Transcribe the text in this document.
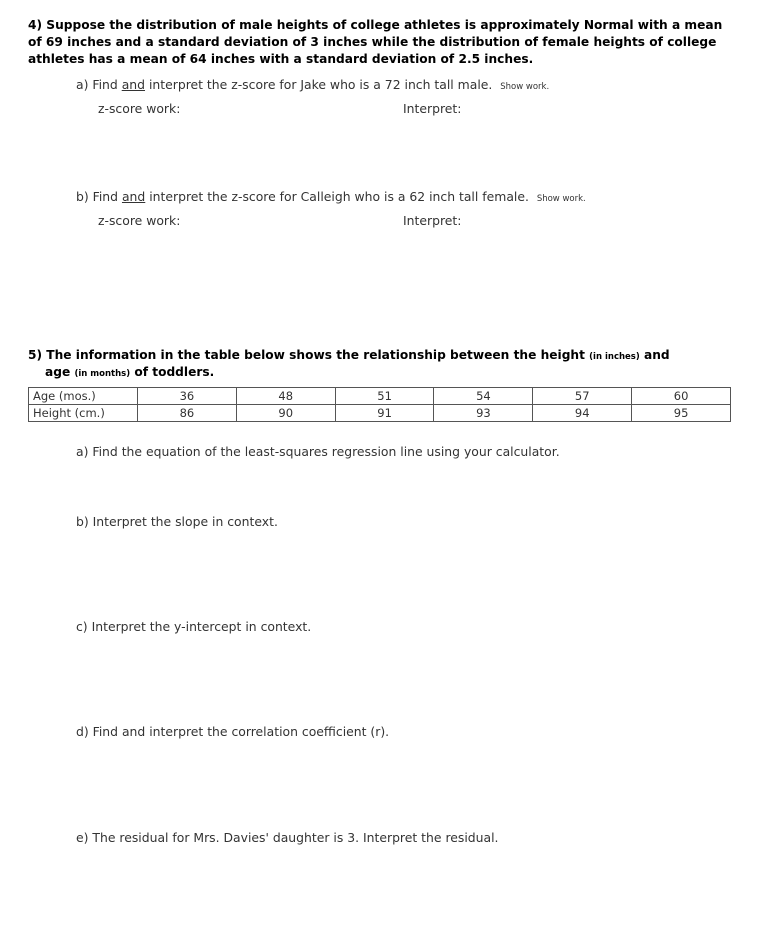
4) Suppose the distribution of male heights of college athletes is approximately Normal with a mean
of 69 inches and a standard deviation of 3 inches while the distribution of female heights of college
athletes has a mean of 64 inches with a standard deviation of 2.5 inches.
a) Find and interpret the z-score for Jake who is a 72 inch tall male. Show work.
z-score work:	Interpret:
b) Find and interpret the z-score for Calleigh who is a 62 inch tall female. Show work.
z-score work:	Interpret:
5) The information in the table below shows the relationship between the height (in inches) and
age (in months) of toddlers.
Age (mos.)	36	48	51	54	57	60
Height (cm.)	86	90	91	93	94	95
a) Find the equation of the least-squares regression line using your calculator.
b) Interpret the slope in context.
c) Interpret the y-intercept in context.
d) Find and interpret the correlation coefficient (r).
e) The residual for Mrs. Davies' daughter is 3. Interpret the residual.
